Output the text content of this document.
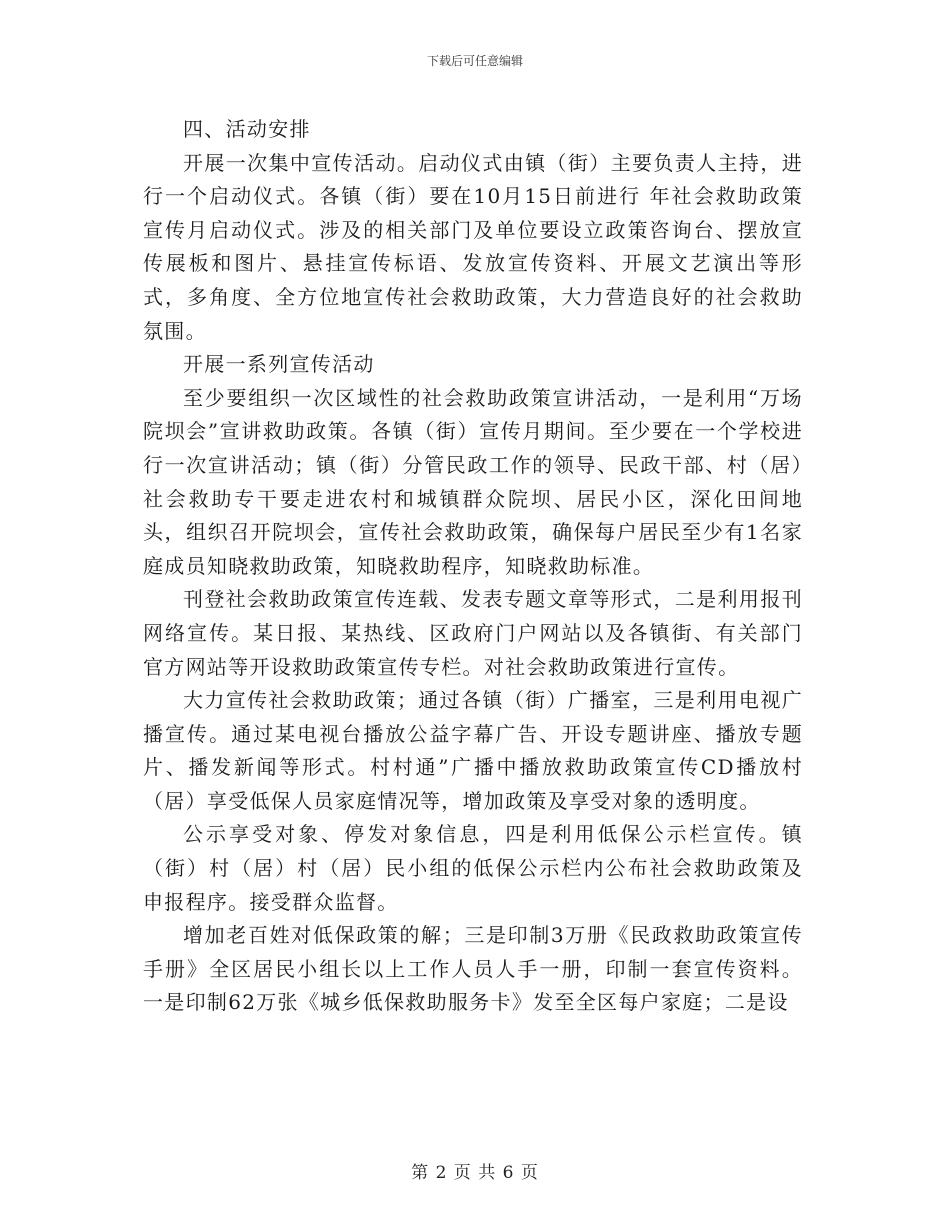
下载后可任意编辑

四、活动安排

开展一次集中宣传活动。启动仪式由镇（街）主要负责人主持，进行一个启动仪式。各镇（街）要在10月15日前进行 年社会救助政策宣传月启动仪式。涉及的相关部门及单位要设立政策咨询台、摆放宣传展板和图片、悬挂宣传标语、发放宣传资料、开展文艺演出等形式，多角度、全方位地宣传社会救助政策，大力营造良好的社会救助氛围。

开展一系列宣传活动

至少要组织一次区域性的社会救助政策宣讲活动，一是利用“万场院坝会”宣讲救助政策。各镇（街）宣传月期间。至少要在一个学校进行一次宣讲活动；镇（街）分管民政工作的领导、民政干部、村（居）社会救助专干要走进农村和城镇群众院坝、居民小区，深化田间地头，组织召开院坝会，宣传社会救助政策，确保每户居民至少有1名家庭成员知晓救助政策，知晓救助程序，知晓救助标准。

刊登社会救助政策宣传连载、发表专题文章等形式，二是利用报刊网络宣传。某日报、某热线、区政府门户网站以及各镇街、有关部门官方网站等开设救助政策宣传专栏。对社会救助政策进行宣传。

大力宣传社会救助政策；通过各镇（街）广播室，三是利用电视广播宣传。通过某电视台播放公益字幕广告、开设专题讲座、播放专题片、播发新闻等形式。村村通”广播中播放救助政策宣传CD播放村（居）享受低保人员家庭情况等，增加政策及享受对象的透明度。

公示享受对象、停发对象信息，四是利用低保公示栏宣传。镇（街）村（居）村（居）民小组的低保公示栏内公布社会救助政策及申报程序。接受群众监督。

增加老百姓对低保政策的解；三是印制3万册《民政救助政策宣传手册》全区居民小组长以上工作人员人手一册，印制一套宣传资料。一是印制62万张《城乡低保救助服务卡》发至全区每户家庭；二是设

第 2 页 共 6 页
